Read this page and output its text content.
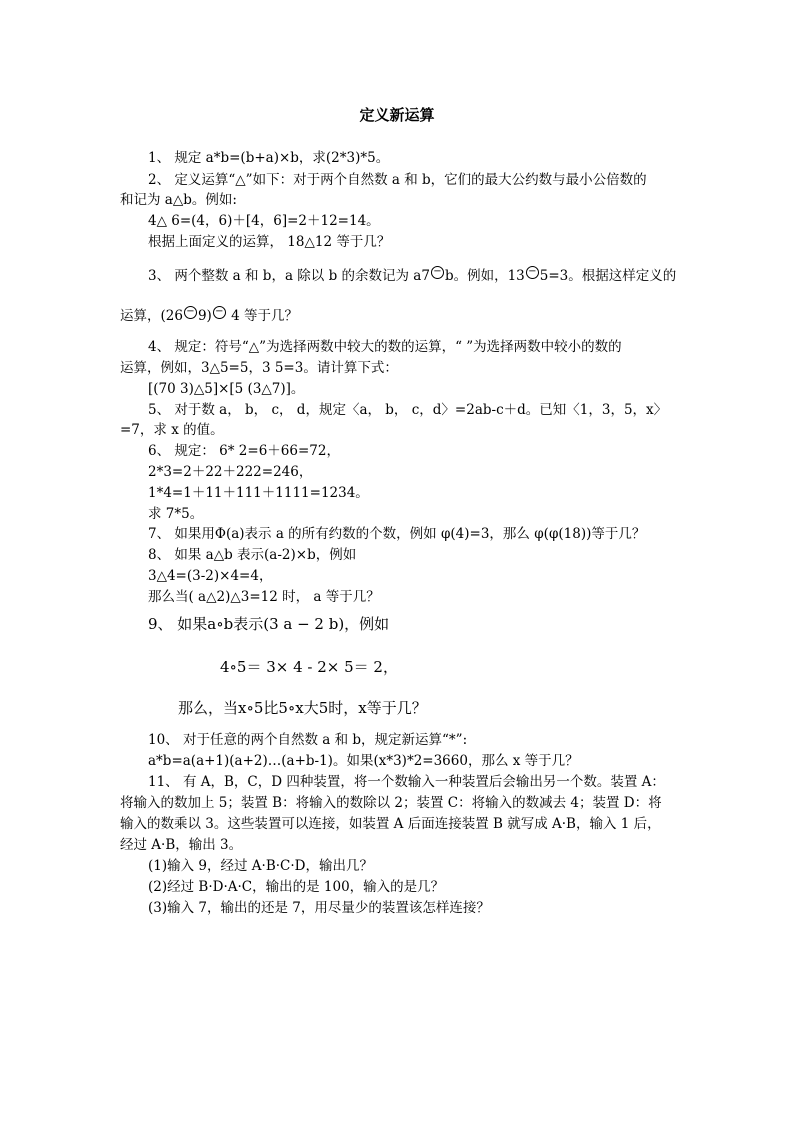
定义新运算
1、 规定 a*b=(b+a)×b，求(2*3)*5。
2、 定义运算“△”如下：对于两个自然数 a 和 b，它们的最大公约数与最小公倍数的
和记为 a△b。例如:
4△ 6=(4，6)＋[4，6]=2＋12=14。
根据上面定义的运算， 18△12 等于几？
3、 两个整数 a 和 b，a 除以 b 的余数记为 a7 − b。例如，13 − 5=3。根据这样定义的
运算，(26 − 9) − 4 等于几？
4、 规定：符号“△”为选择两数中较大的数的运算，“ ”为选择两数中较小的数的
运算，例如，3△5=5，3 5=3。请计算下式：
[(70 3)△5]×[5 (3△7)]。
5、 对于数 a， b， c， d，规定〈a， b， c，d〉=2ab-c＋d。已知〈1，3，5，x〉
=7，求 x 的值。
6、 规定： 6* 2=6＋66=72，
2*3=2＋22＋222=246，
1*4=1＋11＋111＋1111=1234。
求 7*5。
7、 如果用Φ(a)表示 a 的所有约数的个数，例如 φ(4)=3，那么 φ(φ(18))等于几？
8、 如果 a△b 表示(a-2)×b，例如
3△4=(3-2)×4=4，
那么当( a△2)△3=12 时， a 等于几？
9、 如果a∘b表示(3 a − 2 b)，例如
4∘5＝ 3× 4 - 2× 5＝ 2，
那么，当x∘5比5∘x大5时，x等于几？
10、 对于任意的两个自然数 a 和 b，规定新运算“*”:
a*b=a(a+1)(a+2)…(a+b-1)。如果(x*3)*2=3660，那么 x 等于几？
11、 有 A，B，C，D 四种装置，将一个数输入一种装置后会输出另一个数。装置 A：
将输入的数加上 5；装置 B：将输入的数除以 2；装置 C：将输入的数减去 4；装置 D：将
输入的数乘以 3。这些装置可以连接，如装置 A 后面连接装置 B 就写成 A·B，输入 1 后，
经过 A·B，输出 3。
(1)输入 9，经过 A·B·C·D，输出几？
(2)经过 B·D·A·C，输出的是 100，输入的是几？
(3)输入 7，输出的还是 7，用尽量少的装置该怎样连接？
